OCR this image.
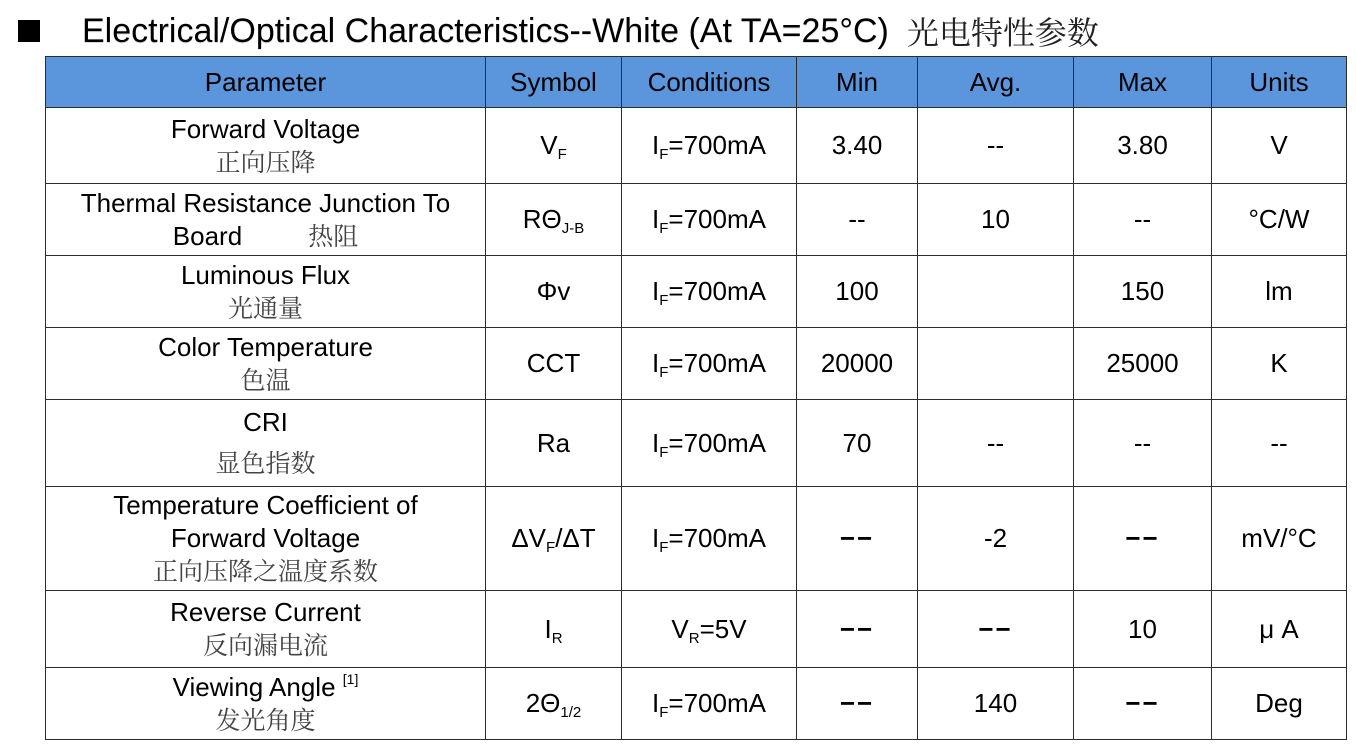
Electrical/Optical Characteristics--White (At TA=25°C) 光电特性参数
Parameter	Symbol	Conditions	Min	Avg.	Max	Units

Forward Voltage
正向压降	$V_F$	$I_F=700mA$	3.40	--	3.80	V

Thermal Resistance Junction To Board 热阻	$R\Theta_{J-B}$	$I_F=700mA$	--	10	--	°C/W

Luminous Flux
光通量	Φv	$I_F=700mA$	100		150	lm

Color Temperature
色温	CCT	$I_F=700mA$	20000		25000	K

CRI
显色指数	Ra	$I_F=700mA$	70	--	--	--

Temperature Coefficient of Forward Voltage
正向压降之温度系数	$\Delta V_F/\Delta T$	$I_F=700mA$	−−	-2	−−	mV/°C

Reverse Current
反向漏电流	$I_R$	$V_R=5V$	−−	−−	10	μ A

Viewing Angle [1]
发光角度	$2\Theta_{1/2}$	$I_F=700mA$	−−	140	−−	Deg
